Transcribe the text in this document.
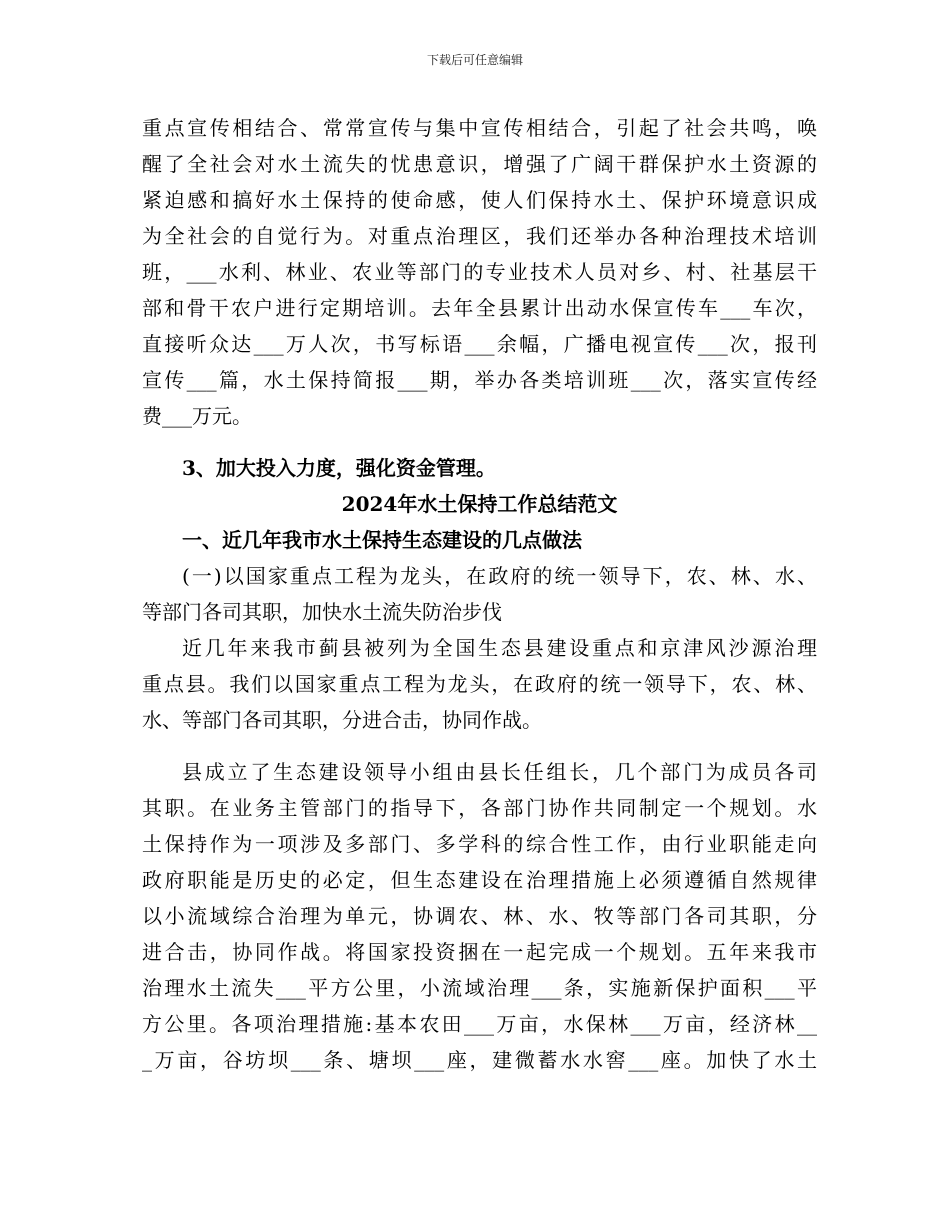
下载后可任意编辑
重点宣传相结合、常常宣传与集中宣传相结合，引起了社会共鸣，唤
醒了全社会对水土流失的忧患意识，增强了广阔干群保护水土资源的
紧迫感和搞好水土保持的使命感，使人们保持水土、保护环境意识成
为全社会的自觉行为。对重点治理区，我们还举办各种治理技术培训
班，___水利、林业、农业等部门的专业技术人员对乡、村、社基层干
部和骨干农户进行定期培训。去年全县累计出动水保宣传车___车次，
直接听众达___万人次，书写标语___余幅，广播电视宣传___次，报刊
宣传___篇，水土保持简报___期，举办各类培训班___次，落实宣传经
费___万元。
3、加大投入力度，强化资金管理。
2024年水土保持工作总结范文
一、近几年我市水土保持生态建设的几点做法
(一)以国家重点工程为龙头，在政府的统一领导下，农、林、水、
等部门各司其职，加快水土流失防治步伐
近几年来我市蓟县被列为全国生态县建设重点和京津风沙源治理
重点县。我们以国家重点工程为龙头，在政府的统一领导下，农、林、
水、等部门各司其职，分进合击，协同作战。
县成立了生态建设领导小组由县长任组长，几个部门为成员各司
其职。在业务主管部门的指导下，各部门协作共同制定一个规划。水
土保持作为一项涉及多部门、多学科的综合性工作，由行业职能走向
政府职能是历史的必定，但生态建设在治理措施上必须遵循自然规律
以小流域综合治理为单元，协调农、林、水、牧等部门各司其职，分
进合击，协同作战。将国家投资捆在一起完成一个规划。五年来我市
治理水土流失___平方公里，小流域治理___条，实施新保护面积___平
方公里。各项治理措施:基本农田___万亩，水保林___万亩，经济林__
_万亩，谷坊坝___条、塘坝___座，建微蓄水水窖___座。加快了水土
